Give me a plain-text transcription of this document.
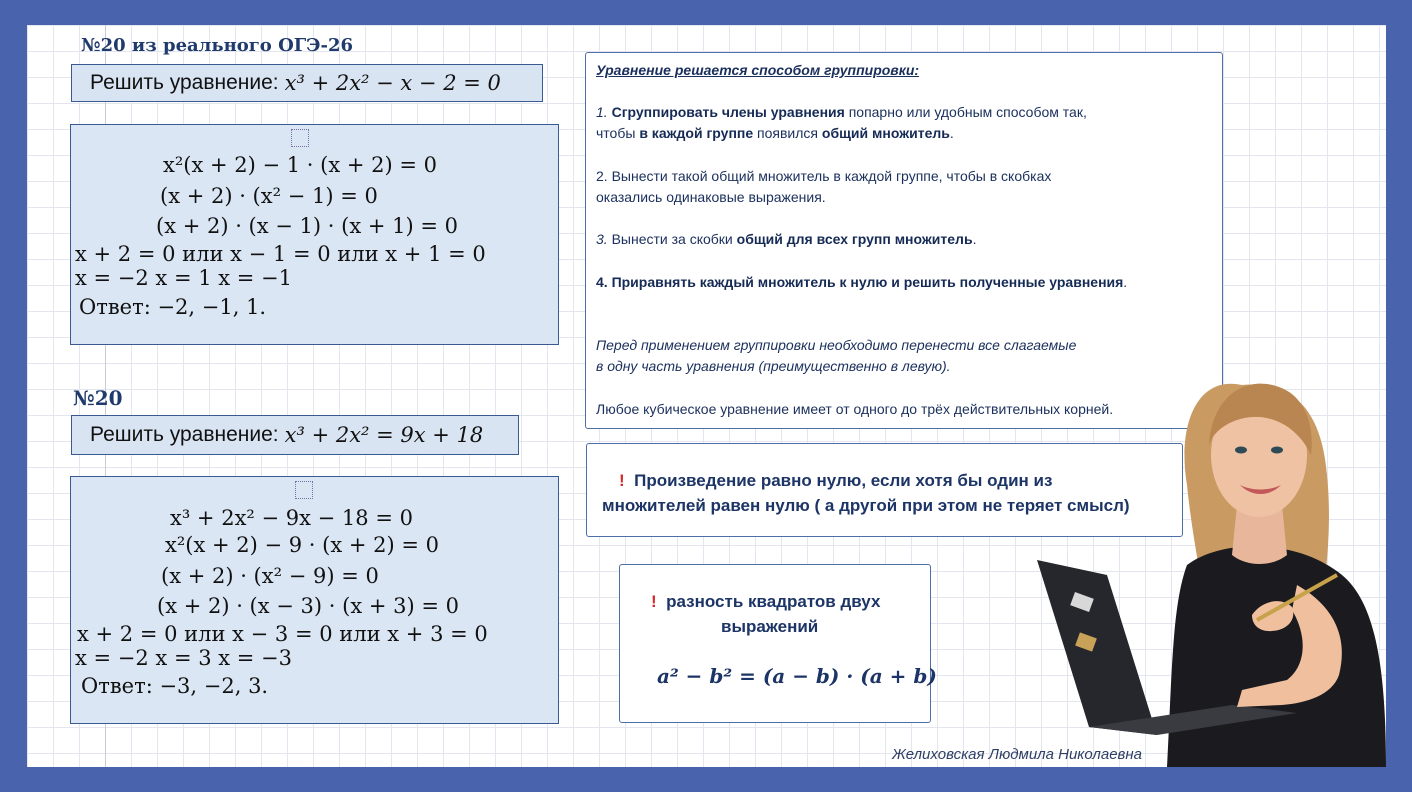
№20 из реального ОГЭ-26
Решить уравнение: x³ + 2x² − x − 2 = 0
x²(x + 2) − 1 · (x + 2) = 0
(x + 2) · (x² − 1) = 0
(x + 2) · (x − 1) · (x + 1) = 0
x + 2 = 0 или x − 1 = 0 или x + 1 = 0
x = −2 x = 1 x = −1
Ответ: −2, −1, 1.
№20
Решить уравнение: x³ + 2x² = 9x + 18
x³ + 2x² − 9x − 18 = 0
x²(x + 2) − 9 · (x + 2) = 0
(x + 2) · (x² − 9) = 0
(x + 2) · (x − 3) · (x + 3) = 0
x + 2 = 0 или x − 3 = 0 или x + 3 = 0
x = −2 x = 3 x = −3
Ответ: −3, −2, 3.
Уравнение решается способом группировки:
1. Сгруппировать члены уравнения попарно или удобным способом так,
чтобы в каждой группе появился общий множитель.
2. Вынести такой общий множитель в каждой группе, чтобы в скобках
оказались одинаковые выражения.
3. Вынести за скобки общий для всех групп множитель.
4. Приравнять каждый множитель к нулю и решить полученные уравнения.
Перед применением группировки необходимо перенести все слагаемые
в одну часть уравнения (преимущественно в левую).
Любое кубическое уравнение имеет от одного до трёх действительных корней.
! Произведение равно нулю, если хотя бы один из
множителей равен нулю ( а другой при этом не теряет смысл)
! разность квадратов двух
выражений
a² − b² = (a − b) · (a + b)
Желиховская Людмила Николаевна
